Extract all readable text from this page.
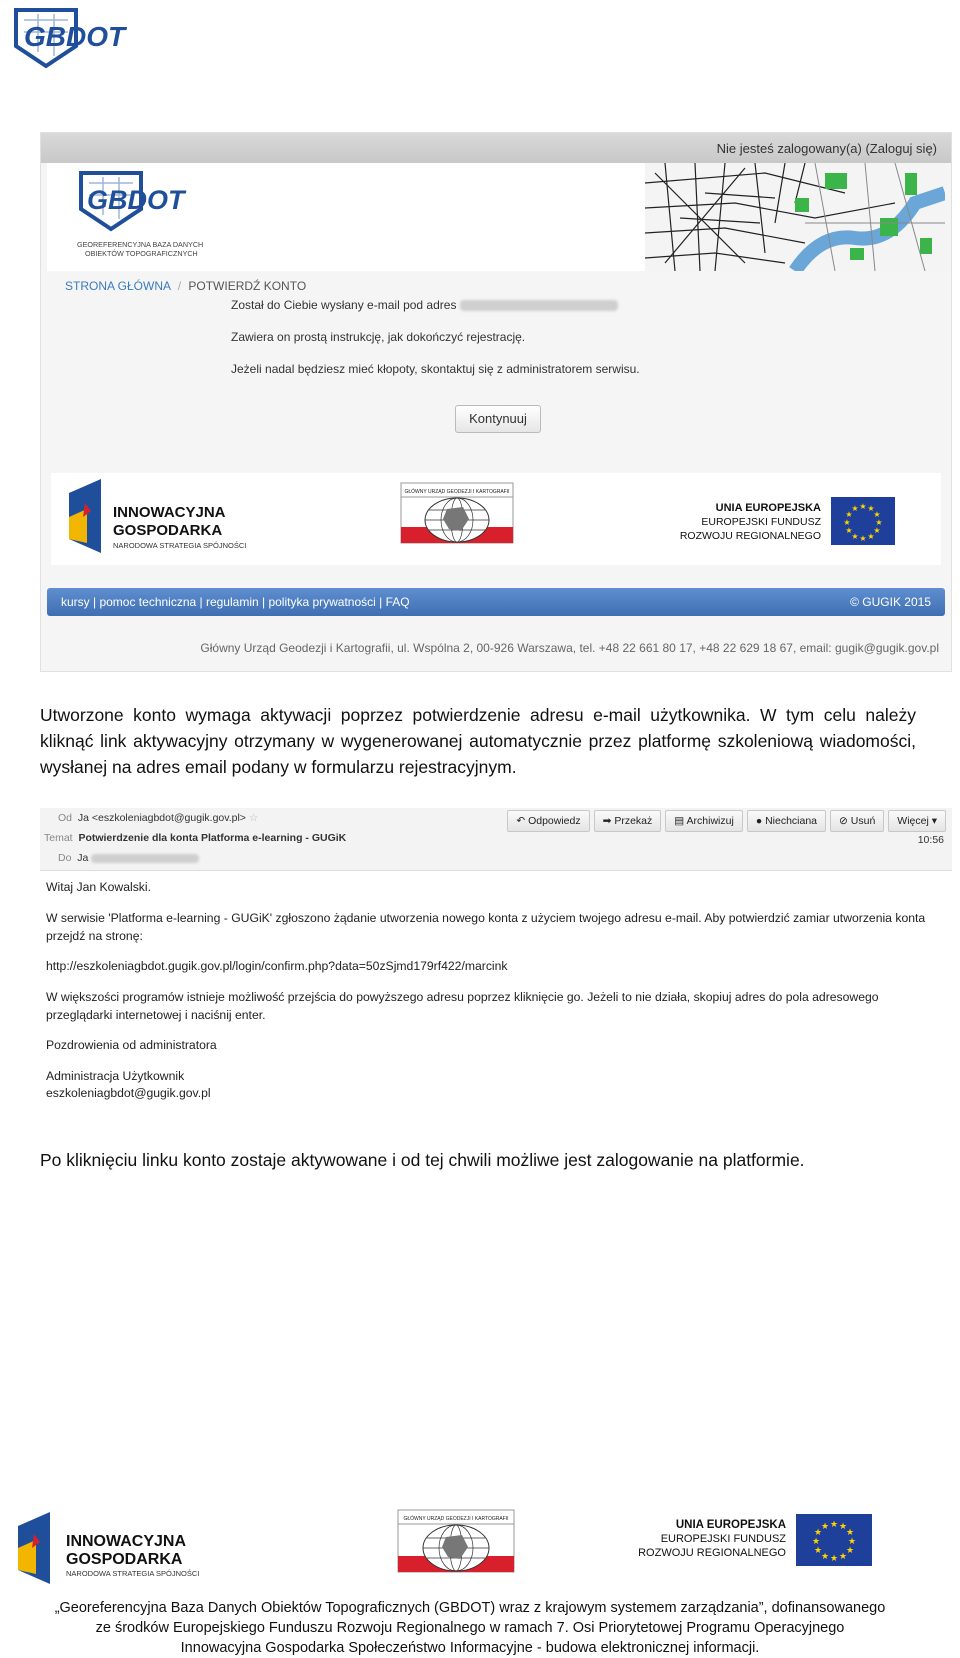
GBDOT
Nie jesteś zalogowany(a) (Zaloguj się)
GBDOT
GEOREFERENCYJNA BAZA DANYCH
OBIEKTÓW TOPOGRAFICZNYCH
STRONA GŁÓWNA / POTWIERDŹ KONTO
Został do Ciebie wysłany e-mail pod adres
Zawiera on prostą instrukcję, jak dokończyć rejestrację.
Jeżeli nadal będziesz mieć kłopoty, skontaktuj się z administratorem serwisu.
Kontynuuj
INNOWACYJNA
GOSPODARKA
NARODOWA STRATEGIA SPÓJNOŚCI
GŁÓWNY URZĄD GEODEZJI I KARTOGRAFII
UNIA EUROPEJSKA
EUROPEJSKI FUNDUSZ
ROZWOJU REGIONALNEGO
★ ★
★
★
★
★
★
★
★
★
★
★
kursy | pomoc techniczna | regulamin | polityka prywatności | FAQ	© GUGIK 2015
Główny Urząd Geodezji i Kartografii, ul. Wspólna 2, 00-926 Warszawa, tel. +48 22 661 80 17, +48 22 629 18 67, email: gugik@gugik.gov.pl
Utworzone konto wymaga aktywacji poprzez potwierdzenie adresu e-mail użytkownika. W tym celu należy kliknąć link aktywacyjny otrzymany w wygenerowanej automatycznie przez platformę szkoleniową wiadomości, wysłanej na adres email podany w formularzu rejestracyjnym.
Od Ja <eszkoleniagbdot@gugik.gov.pl> ☆
Temat Potwierdzenie dla konta Platforma e-learning - GUGiK
Do Ja
↶ Odpowiedz	➡ Przekaż	▤ Archiwizuj	● Niechciana	⊘ Usuń	Więcej ▾
10:56
Witaj Jan Kowalski.
W serwisie 'Platforma e-learning - GUGiK' zgłoszono żądanie utworzenia nowego konta z użyciem twojego adresu e-mail. Aby potwierdzić zamiar utworzenia konta przejdź na stronę:
http://eszkoleniagbdot.gugik.gov.pl/login/confirm.php?data=50zSjmd179rf422/marcink
W większości programów istnieje możliwość przejścia do powyższego adresu poprzez kliknięcie go. Jeżeli to nie działa, skopiuj adres do pola adresowego przeglądarki internetowej i naciśnij enter.
Pozdrowienia od administratora
Administracja Użytkownik
eszkoleniagbdot@gugik.gov.pl
Po kliknięciu linku konto zostaje aktywowane i od tej chwili możliwe jest zalogowanie na platformie.
INNOWACYJNA
GOSPODARKA
NARODOWA STRATEGIA SPÓJNOŚCI
GŁÓWNY URZĄD GEODEZJI I KARTOGRAFII	UNIA EUROPEJSKA
EUROPEJSKI FUNDUSZ
ROZWOJU REGIONALNEGO
★ ★
★
★
★
★
★
★
★
★
★
★
„Georeferencyjna Baza Danych Obiektów Topograficznych (GBDOT) wraz z krajowym systemem zarządzania”, dofinansowanego
ze środków Europejskiego Funduszu Rozwoju Regionalnego w ramach 7. Osi Priorytetowej Programu Operacyjnego
Innowacyjna Gospodarka Społeczeństwo Informacyjne - budowa elektronicznej informacji.
